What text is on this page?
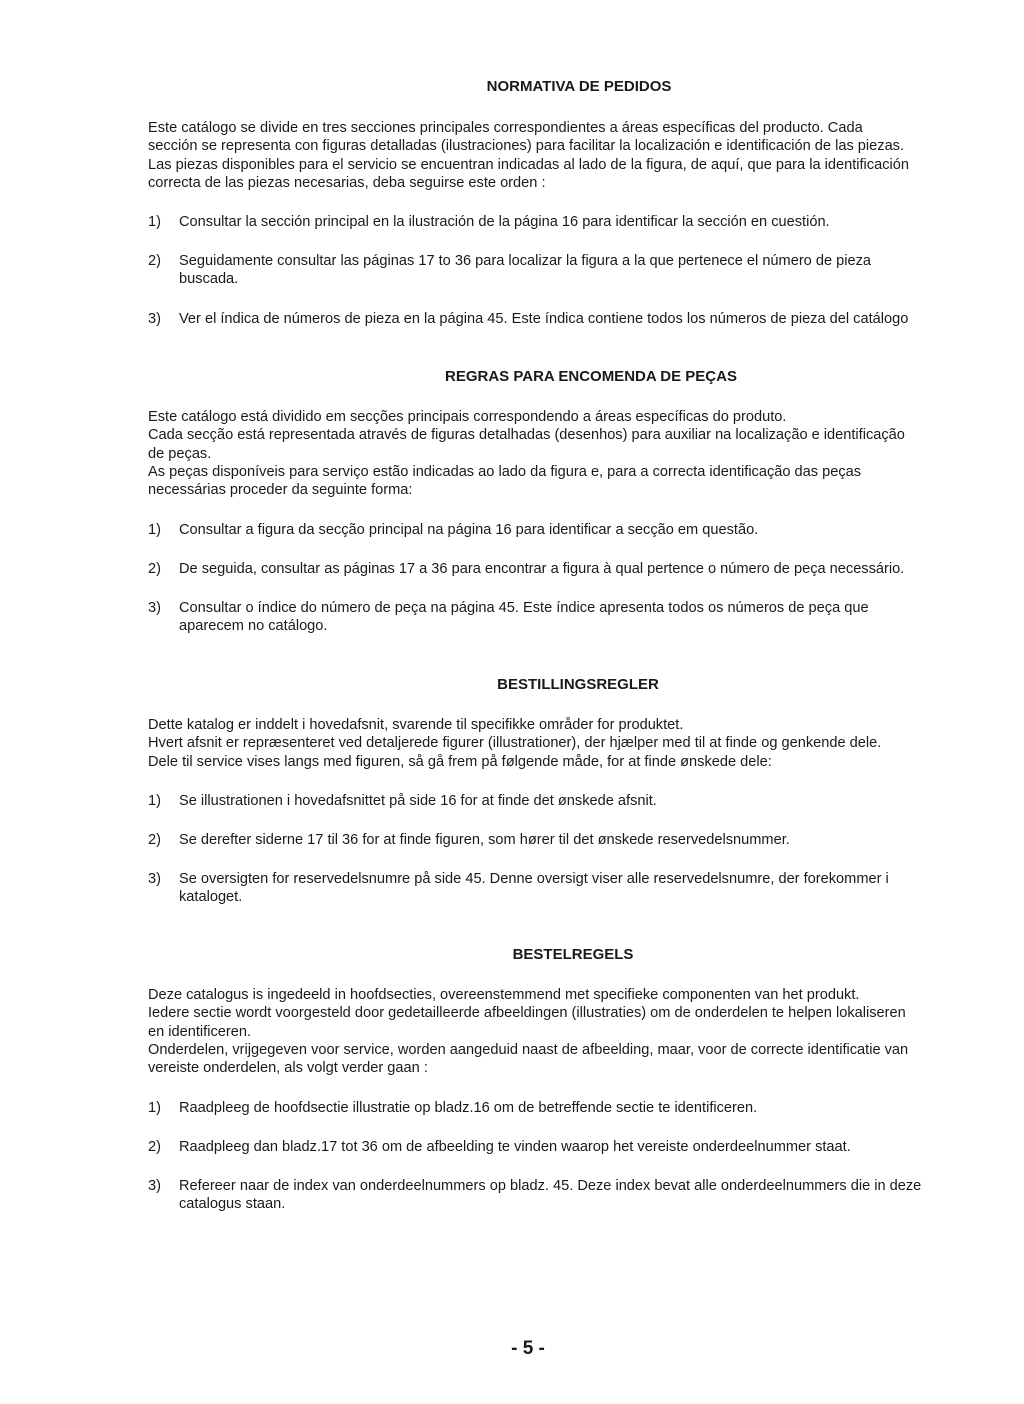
NORMATIVA DE PEDIDOS
Este catálogo se divide en tres secciones principales correspondientes a áreas específicas del producto. Cada
sección se representa con figuras detalladas (ilustraciones) para facilitar la localización e identificación de las piezas.
Las piezas disponibles para el servicio se encuentran indicadas al lado de la figura, de aquí, que para la identificación
correcta de las piezas necesarias, deba seguirse este orden :
1) Consultar la sección principal en la ilustración de la página 16 para identificar la sección en cuestión.
2) Seguidamente consultar las páginas 17 to 36 para localizar la figura a la que pertenece el número de pieza
buscada.
3) Ver el índica de números de pieza en la página 45. Este índica contiene todos los números de pieza del catálogo
REGRAS PARA ENCOMENDA DE PEÇAS
Este catálogo está dividido em secções principais correspondendo a áreas específicas do produto.
Cada secção está representada através de figuras detalhadas (desenhos) para auxiliar na localização e identificação
de peças.
As peças disponíveis para serviço estão indicadas ao lado da figura e, para a correcta identificação das peças
necessárias proceder da seguinte forma:
1) Consultar a figura da secção principal na página 16 para identificar a secção em questão.
2) De seguida, consultar as páginas 17 a 36 para encontrar a figura à qual pertence o número de peça necessário.
3) Consultar o índice do número de peça na página 45. Este índice apresenta todos os números de peça que
aparecem no catálogo.
BESTILLINGSREGLER
Dette katalog er inddelt i hovedafsnit, svarende til specifikke områder for produktet.
Hvert afsnit er repræsenteret ved detaljerede figurer (illustrationer), der hjælper med til at finde og genkende dele.
Dele til service vises langs med figuren, så gå frem på følgende måde, for at finde ønskede dele:
1) Se illustrationen i hovedafsnittet på side 16 for at finde det ønskede afsnit.
2) Se derefter siderne 17 til 36 for at finde figuren, som hører til det ønskede reservedelsnummer.
3) Se oversigten for reservedelsnumre på side 45. Denne oversigt viser alle reservedelsnumre, der forekommer i
kataloget.
BESTELREGELS
Deze catalogus is ingedeeld in hoofdsecties, overeenstemmend met specifieke componenten van het produkt.
Iedere sectie wordt voorgesteld door gedetailleerde afbeeldingen (illustraties) om de onderdelen te helpen lokaliseren
en identificeren.
Onderdelen, vrijgegeven voor service, worden aangeduid naast de afbeelding, maar, voor de correcte identificatie van
vereiste onderdelen, als volgt verder gaan :
1) Raadpleeg de hoofdsectie illustratie op bladz.16 om de betreffende sectie te identificeren.
2) Raadpleeg dan bladz.17 tot 36 om de afbeelding te vinden waarop het vereiste onderdeelnummer staat.
3) Refereer naar de index van onderdeelnummers op bladz. 45. Deze index bevat alle onderdeelnummers die in deze
catalogus staan.
- 5 -
